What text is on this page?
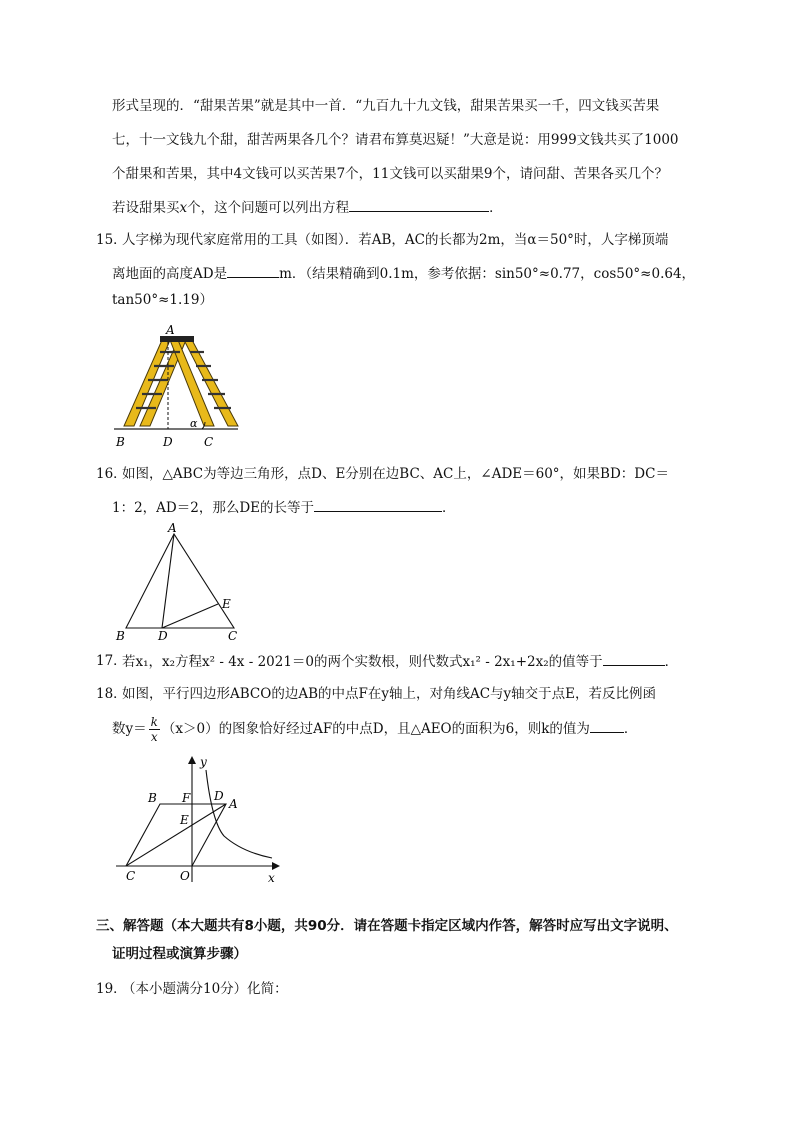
形式呈现的．“甜果苦果”就是其中一首．“九百九十九文钱，甜果苦果买一千，四文钱买苦果
七，十一文钱九个甜，甜苦两果各几个？请君布算莫迟疑！”大意是说：用999文钱共买了1000
个甜果和苦果，其中4文钱可以买苦果7个，11文钱可以买甜果9个，请问甜、苦果各买几个？
若设甜果买x个，这个问题可以列出方程	．
15．
人字梯为现代家庭常用的工具（如图）．若AB，AC的长都为2m，当α＝50°时，人字梯顶端
离地面的高度AD是	m．（结果精确到0.1m，参考依据：sin50°≈0.77，cos50°≈0.64，
tan50°≈1.19）
A
B	D	C
α
16．
如图，△ABC为等边三角形，点D、E分别在边BC、AC上，∠ADE＝60°，如果BD：DC＝
1：2，AD＝2，那么DE的长等于	．
A
B	D	C
E
17．
若x₁，x₂方程x² - 4x - 2021＝0的两个实数根，则代数式x₁² - 2x₁+2x₂的值等于	．
18．
如图，平行四边形ABCO的边AB的中点F在y轴上，对角线AC与y轴交于点E，若反比例函
数$y= \frac{k}{x} (x>0)$的图象恰好经过AF的中点D，且△AEO的面积为6，则k的值为	．
y
x
B F D
A
E
C	O
三、解答题（本大题共有8小题，共90分．请在答题卡指定区域内作答，解答时应写出文字说明、
证明过程或演算步骤）
19．
（本小题满分10分）化简：
